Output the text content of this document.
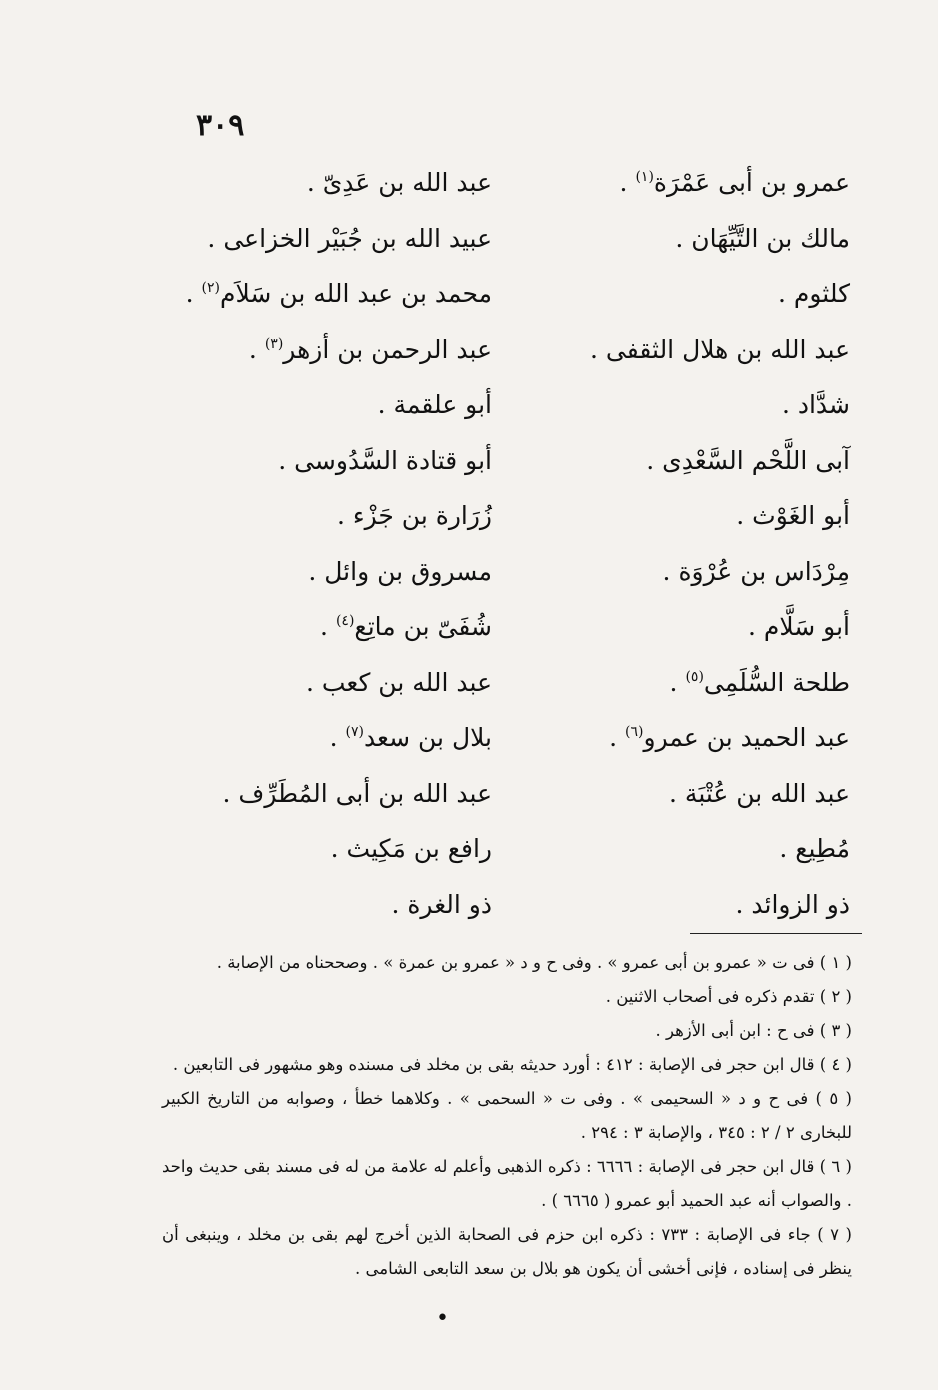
٣٠٩
عمرو بن أبى عَمْرَة$^{(١)}$ .
مالك بن التَّيِّهَان .
كلثوم .
عبد الله بن هلال الثقفى .
شدَّاد .
آبى اللَّحْم السَّعْدِى .
أبو الغَوْث .
مِرْدَاس بن عُرْوَة .
أبو سَلَّام .
طلحة السُّلَمِى$^{(٥)}$ .
عبد الحميد بن عمرو$^{(٦)}$ .
عبد الله بن عُتْبَة .
مُطِيع .
ذو الزوائد .
عبد الله بن عَدِىّ .
عبيد الله بن جُبَيْر الخزاعى .
محمد بن عبد الله بن سَلاَم$^{(٢)}$ .
عبد الرحمن بن أزهر$^{(٣)}$ .
أبو علقمة .
أبو قتادة السَّدُوسى .
زُرَارة بن جَزْء .
مسروق بن وائل .
شُفَىّ بن ماتِع$^{(٤)}$ .
عبد الله بن كعب .
بلال بن سعد$^{(٧)}$ .
عبد الله بن أبى المُطَرِّف .
رافع بن مَكِيث .
ذو الغرة .

( ١ ) فى ت « عمرو بن أبى عمرو » . وفى ح و د « عمرو بن عمرة » . وصححناه من الإصابة .

( ٢ ) تقدم ذكره فى أصحاب الاثنين .

( ٣ ) فى ح : ابن أبى الأزهر .

( ٤ ) قال ابن حجر فى الإصابة : ٤١٢ : أورد حديثه بقى بن مخلد فى مسنده وهو مشهور فى التابعين .

( ٥ ) فى ح و د « السحيمى » . وفى ت « السحمى » . وكلاهما خطأ ، وصوابه من التاريخ الكبير للبخارى ٢ / ٢ : ٣٤٥ ، والإصابة ٣ : ٢٩٤ .

( ٦ ) قال ابن حجر فى الإصابة : ٦٦٦٦ : ذكره الذهبى وأعلم له علامة من له فى مسند بقى حديث واحد . والصواب أنه عبد الحميد أبو عمرو ( ٦٦٦٥ ) .

( ٧ ) جاء فى الإصابة : ٧٣٣ : ذكره ابن حزم فى الصحابة الذين أخرج لهم بقى بن مخلد ، وينبغى أن ينظر فى إسناده ، فإنى أخشى أن يكون هو بلال بن سعد التابعى الشامى .

•
